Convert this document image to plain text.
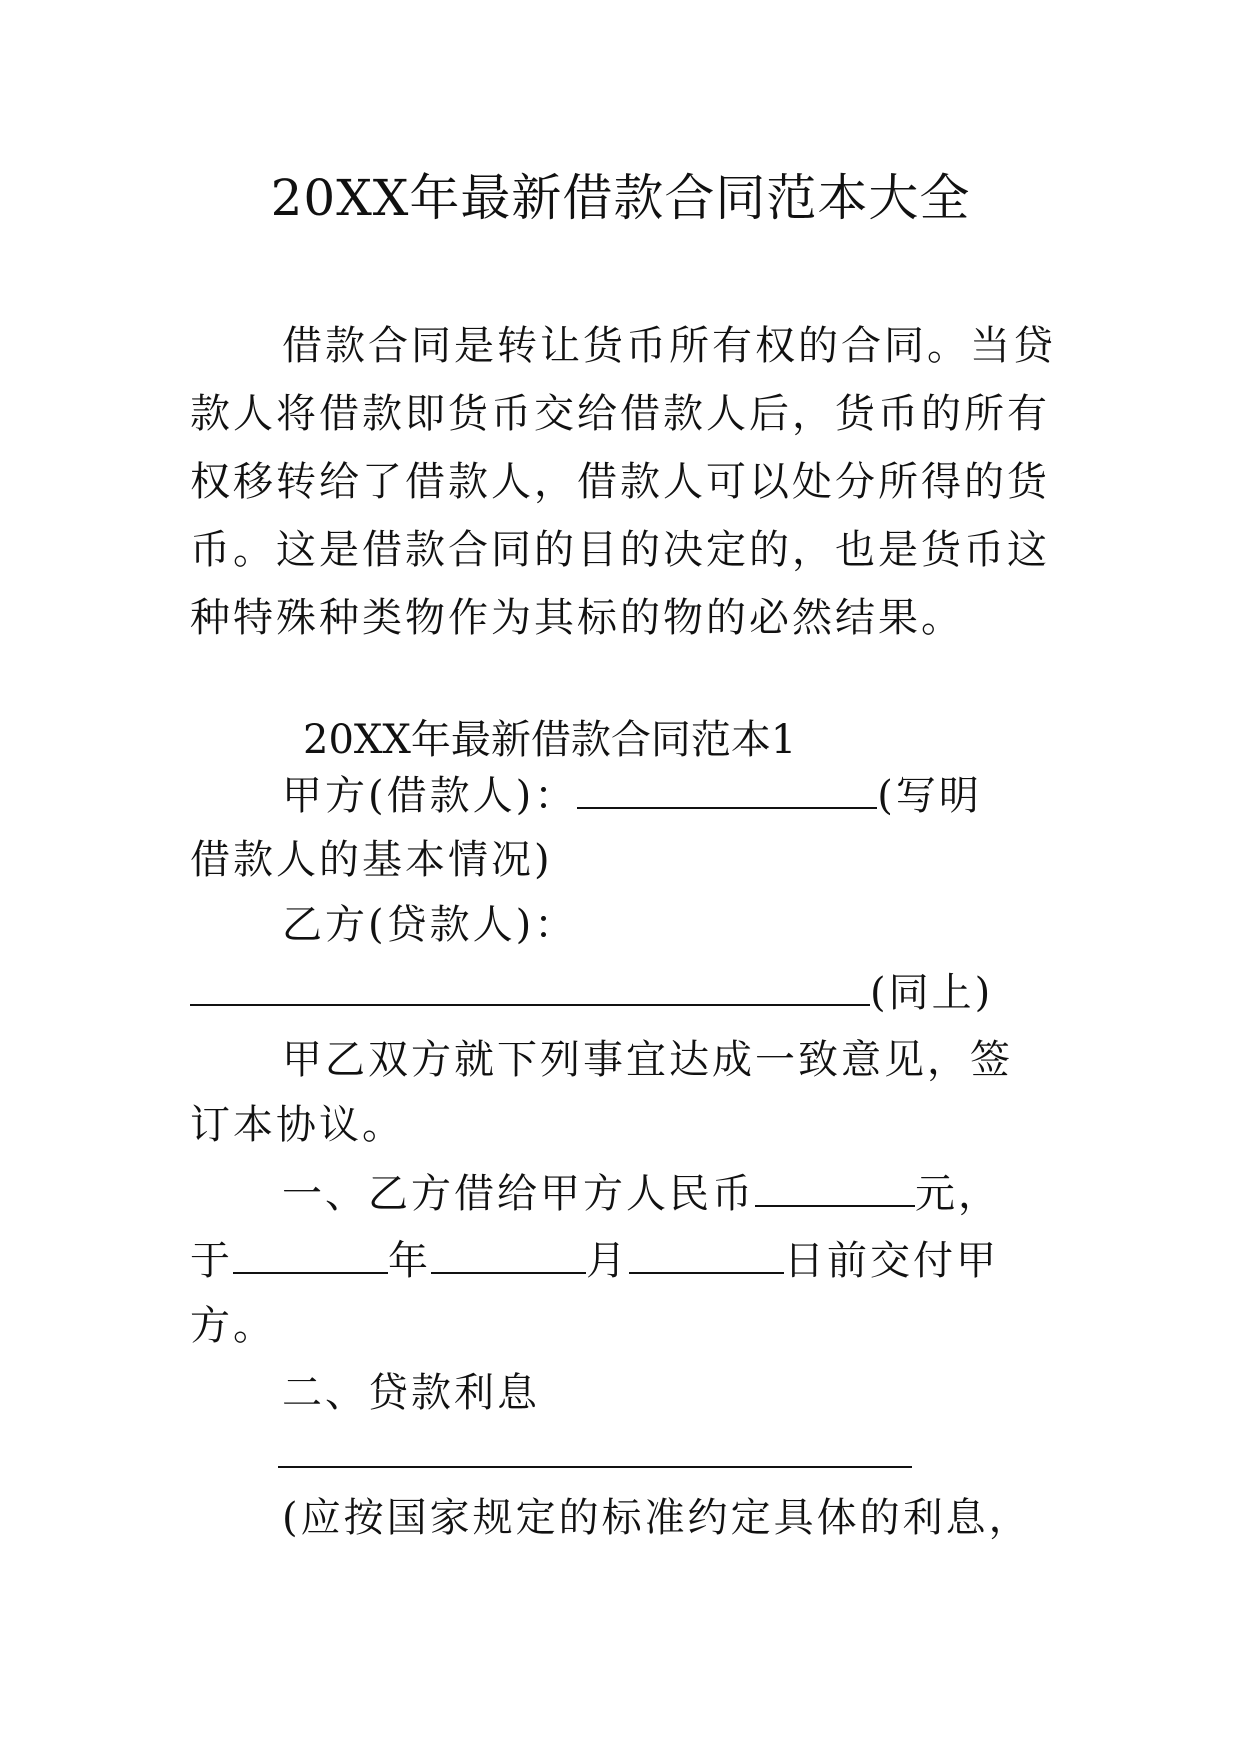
20XX年最新借款合同范本大全

借款合同是转让货币所有权的合同。当贷款人将借款即货币交给借款人后，货币的所有权移转给了借款人，借款人可以处分所得的货币。这是借款合同的目的决定的，也是货币这种特殊种类物作为其标的物的必然结果。

20XX年最新借款合同范本1
甲方(借款人)：	(写明
借款人的基本情况)
乙方(贷款人)：
(同上)
甲乙双方就下列事宜达成一致意见，签
订本协议。
一、乙方借给甲方人民币	元，
于	年	月	日前交付甲
方。
二、贷款利息
(应按国家规定的标准约定具体的利息，
